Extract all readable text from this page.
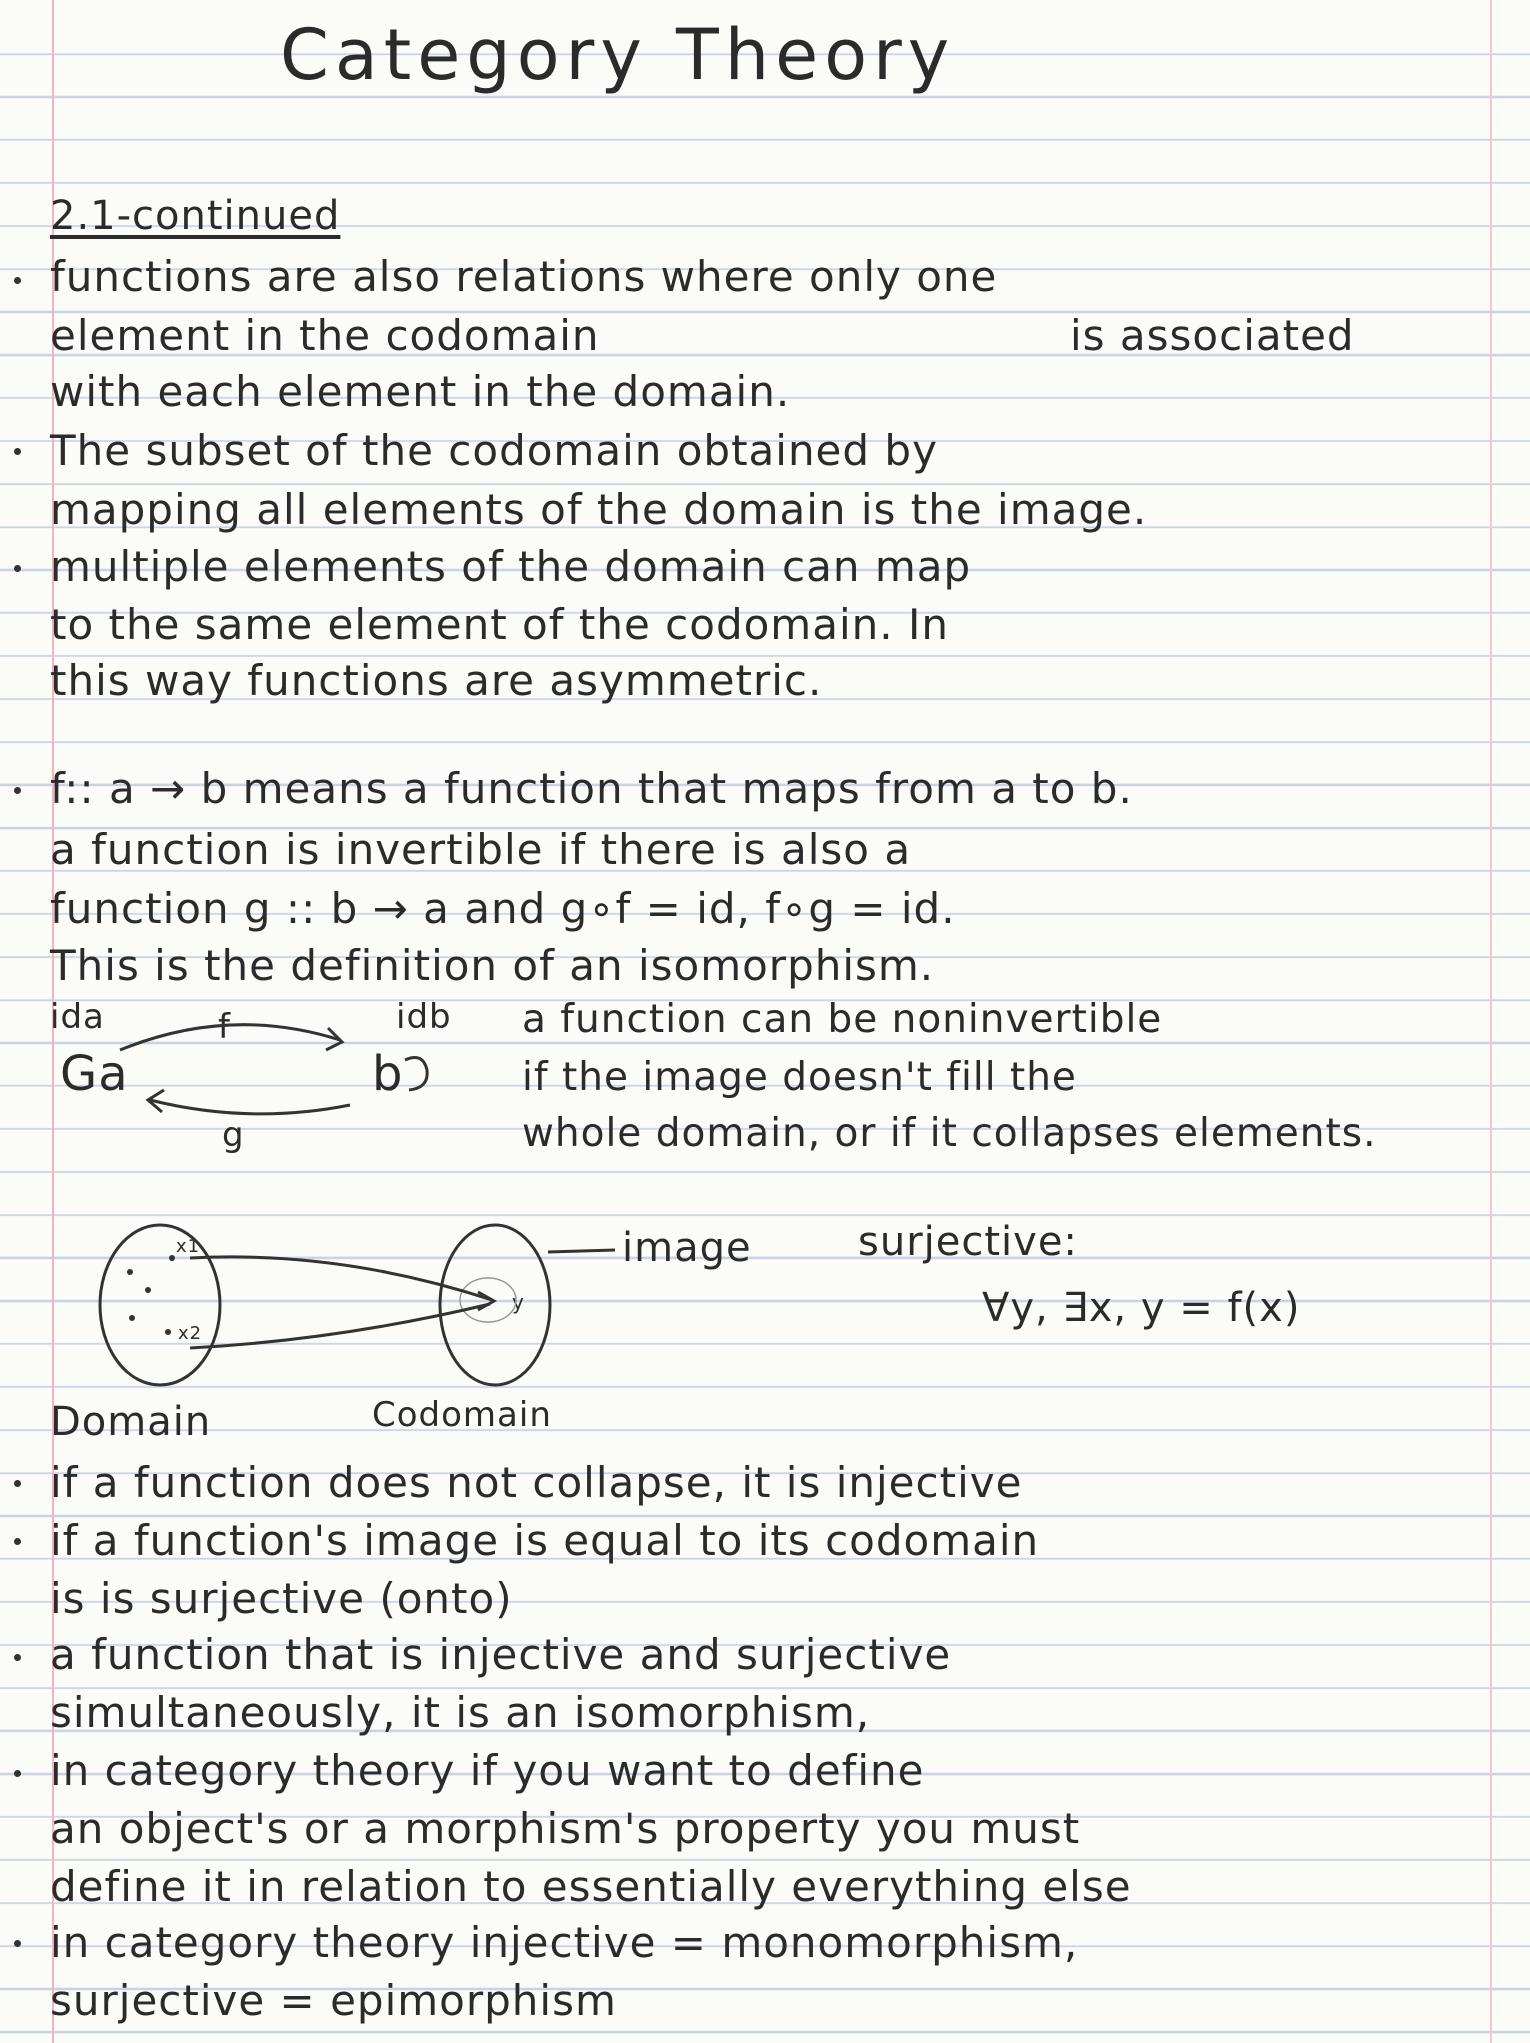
Category Theory
2.1-continued
functions are also relations where only one
element in the codomain	is associated
with each element in the domain.
The subset of the codomain obtained by
mapping all elements of the domain is the image.
multiple elements of the domain can map
to the same element of the codomain. In
this way functions are asymmetric.
f:: a → b means a function that maps from a to b.
a function is invertible if there is also a
function g :: b → a and g∘f = id, f∘g = id.
This is the definition of an isomorphism.
ida	f	idb
Ga	b
g
a function can be noninvertible
if the image doesn't fill the
whole domain, or if it collapses elements.
image
x1
x2
y
Domain	Codomain
surjective:
∀y, ∃x, y = f(x)
if a function does not collapse, it is injective
if a function's image is equal to its codomain
is is surjective (onto)
a function that is injective and surjective
simultaneously, it is an isomorphism,
in category theory if you want to define
an object's or a morphism's property you must
define it in relation to essentially everything else
in category theory injective = monomorphism,
surjective = epimorphism
